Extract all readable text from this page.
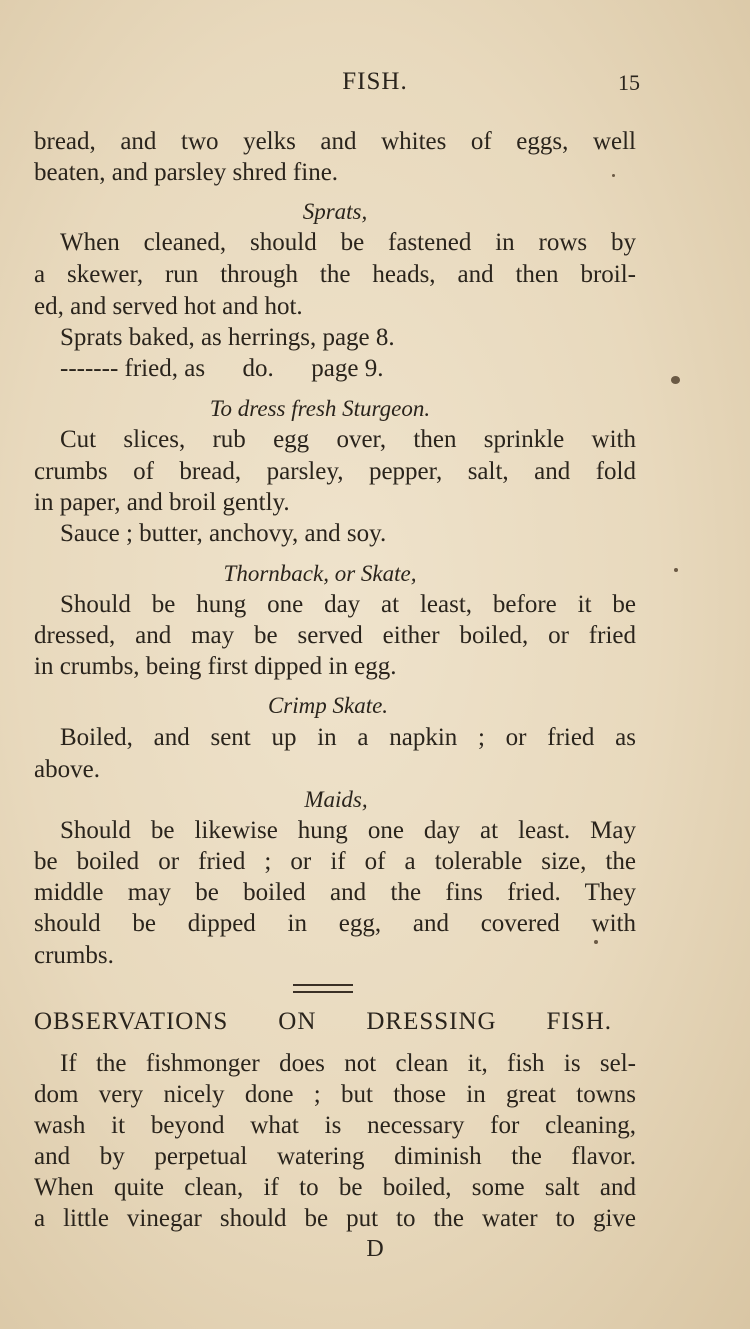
FISH.	15
bread, and two yelks and whites of eggs, well
beaten, and parsley shred fine.
Sprats,
When cleaned, should be fastened in rows by
a skewer, run through the heads, and then broil-
ed, and served hot and hot.
Sprats baked, as herrings, page 8.
------- fried, as      do.      page 9.
To dress fresh Sturgeon.
Cut slices, rub egg over, then sprinkle with
crumbs of bread, parsley, pepper, salt, and fold
in paper, and broil gently.
Sauce ; butter, anchovy, and soy.
Thornback, or Skate,
Should be hung one day at least, before it be
dressed, and may be served either boiled, or fried
in crumbs, being first dipped in egg.
Crimp Skate.
Boiled, and sent up in a napkin ; or fried as
above.
Maids,
Should be likewise hung one day at least. May
be boiled or fried ; or if of a tolerable size, the
middle may be boiled and the fins fried. They
should be dipped in egg, and covered with
crumbs.
OBSERVATIONS ON DRESSING FISH.
If the fishmonger does not clean it, fish is sel-
dom very nicely done ; but those in great towns
wash it beyond what is necessary for cleaning,
and by perpetual watering diminish the flavor.
When quite clean, if to be boiled, some salt and
a little vinegar should be put to the water to give
D
